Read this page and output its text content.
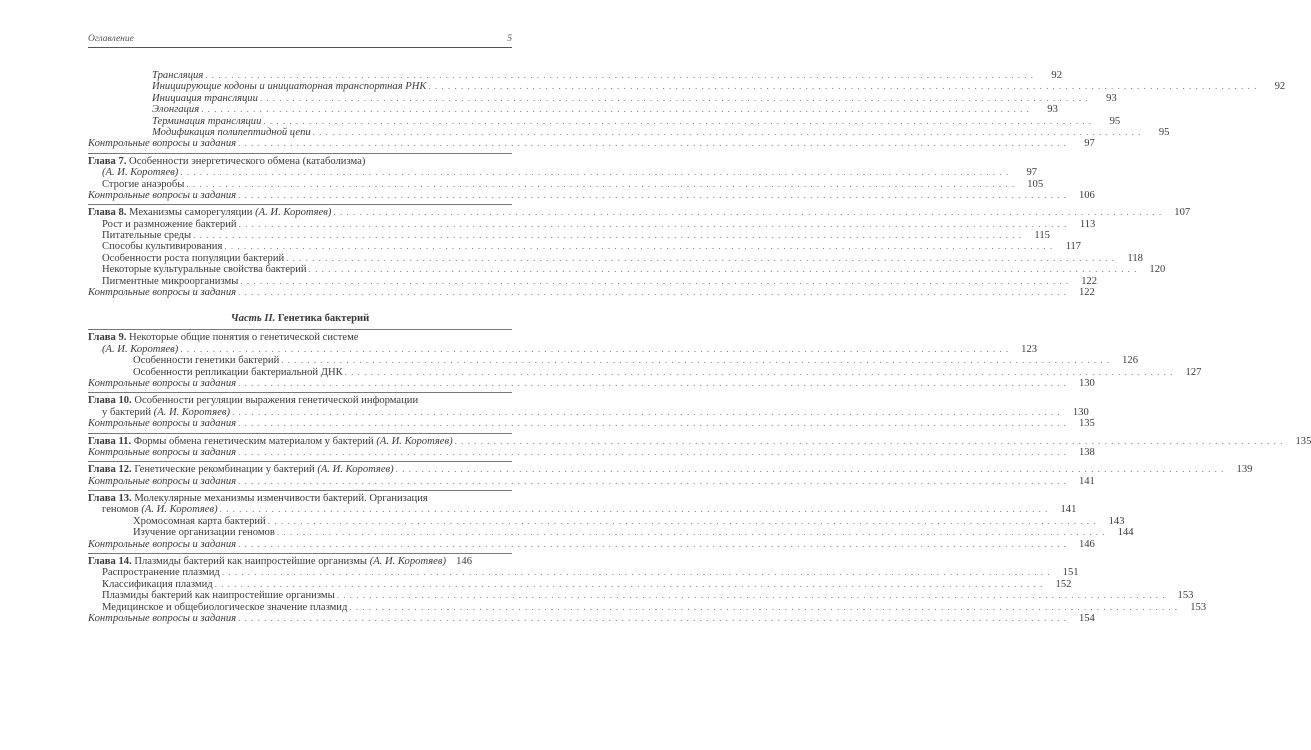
Оглавление	5
Трансляция . . .	92
Инициирующие кодоны и инициаторная транспортная РНК . . .	92
Инициация трансляции . . .	93
Элонгация . . .	93
Терминация трансляции . . .	95
Модификация полипептидной цепи . . .	95
Контрольные вопросы и задания . . .	97
Глава 7. Особенности энергетического обмена (катаболизма)
(А. И. Коротяев) . . .	97
Строгие анаэробы . . .	105
Контрольные вопросы и задания . . .	106
Глава 8. Механизмы саморегуляции (А. И. Коротяев) . . .	107
Рост и размножение бактерий . . .	113
Питательные среды . . .	115
Способы культивирования . . .	117
Особенности роста популяции бактерий . . .	118
Некоторые культуральные свойства бактерий . . .	120
Пигментные микроорганизмы . . .	122
Контрольные вопросы и задания . . .	122
Часть II. Генетика бактерий
Глава 9. Некоторые общие понятия о генетической системе
(А. И. Коротяев) . . .	123
Особенности генетики бактерий . . .	126
Особенности репликации бактериальной ДНК . . .	127
Контрольные вопросы и задания . . .	130
Глава 10. Особенности регуляции выражения генетической информации
у бактерий (А. И. Коротяев) . . .	130
Контрольные вопросы и задания . . .	135
Глава 11. Формы обмена генетическим материалом у бактерий (А. И. Коротяев) . . .	135
Контрольные вопросы и задания . . .	138
Глава 12. Генетические рекомбинации у бактерий (А. И. Коротяев) . . .	139
Контрольные вопросы и задания . . .	141
Глава 13. Молекулярные механизмы изменчивости бактерий. Организация
геномов (А. И. Коротяев) . . .	141
Хромосомная карта бактерий . . .	143
Изучение организации геномов . . .	144
Контрольные вопросы и задания . . .	146
Глава 14. Плазмиды бактерий как наипростейшие организмы (А. И. Коротяев) 146
Распространение плазмид . . .	151
Классификация плазмид . . .	152
Плазмиды бактерий как наипростейшие организмы . . .	153
Медицинское и общебиологическое значение плазмид . . .	153
Контрольные вопросы и задания . . .	154
